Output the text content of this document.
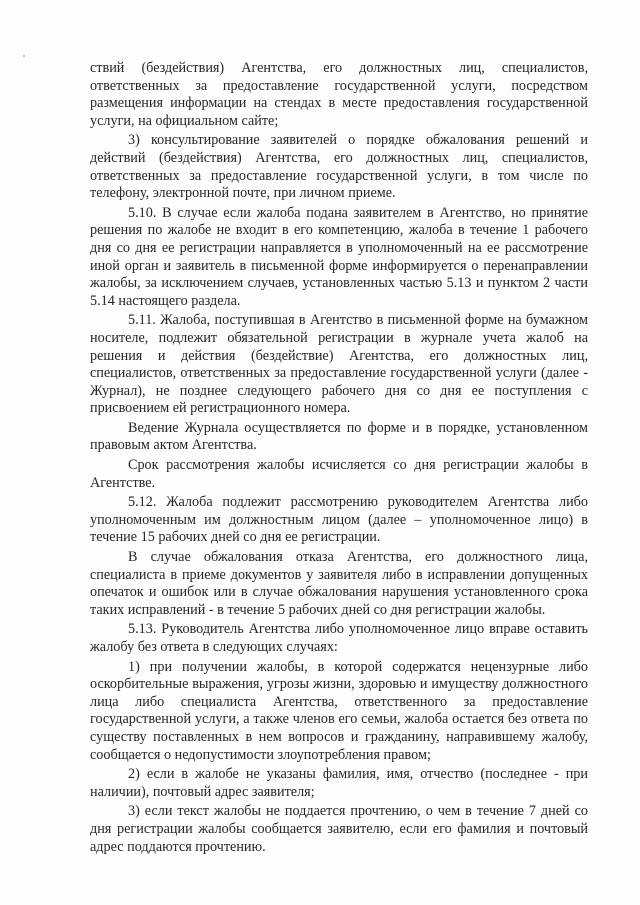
ствий (бездействия) Агентства, его должностных лиц, специалистов, ответственных за предоставление государственной услуги, посредством размещения информации на стендах в месте предоставления государственной услуги, на официальном сайте;

3) консультирование заявителей о порядке обжалования решений и действий (бездействия) Агентства, его должностных лиц, специалистов, ответственных за предоставление государственной услуги, в том числе по телефону, электронной почте, при личном приеме.

5.10. В случае если жалоба подана заявителем в Агентство, но принятие решения по жалобе не входит в его компетенцию, жалоба в течение 1 рабочего дня со дня ее регистрации направляется в уполномоченный на ее рассмотрение иной орган и заявитель в письменной форме информируется о перенаправлении жалобы, за исключением случаев, установленных частью 5.13 и пунктом 2 части 5.14 настоящего раздела.

5.11. Жалоба, поступившая в Агентство в письменной форме на бумажном носителе, подлежит обязательной регистрации в журнале учета жалоб на решения и действия (бездействие) Агентства, его должностных лиц, специалистов, ответственных за предоставление государственной услуги (далее - Журнал), не позднее следующего рабочего дня со дня ее поступления с присвоением ей регистрационного номера.

Ведение Журнала осуществляется по форме и в порядке, установленном правовым актом Агентства.

Срок рассмотрения жалобы исчисляется со дня регистрации жалобы в Агентстве.

5.12. Жалоба подлежит рассмотрению руководителем Агентства либо уполномоченным им должностным лицом (далее – уполномоченное лицо) в течение 15 рабочих дней со дня ее регистрации.

В случае обжалования отказа Агентства, его должностного лица, специалиста в приеме документов у заявителя либо в исправлении допущенных опечаток и ошибок или в случае обжалования нарушения установленного срока таких исправлений - в течение 5 рабочих дней со дня регистрации жалобы.

5.13. Руководитель Агентства либо уполномоченное лицо вправе оставить жалобу без ответа в следующих случаях:

1) при получении жалобы, в которой содержатся нецензурные либо оскорбительные выражения, угрозы жизни, здоровью и имуществу должностного лица либо специалиста Агентства, ответственного за предоставление государственной услуги, а также членов его семьи, жалоба остается без ответа по существу поставленных в нем вопросов и гражданину, направившему жалобу, сообщается о недопустимости злоупотребления правом;

2) если в жалобе не указаны фамилия, имя, отчество (последнее - при наличии), почтовый адрес заявителя;

3) если текст жалобы не поддается прочтению, о чем в течение 7 дней со дня регистрации жалобы сообщается заявителю, если его фамилия и почтовый адрес поддаются прочтению.
